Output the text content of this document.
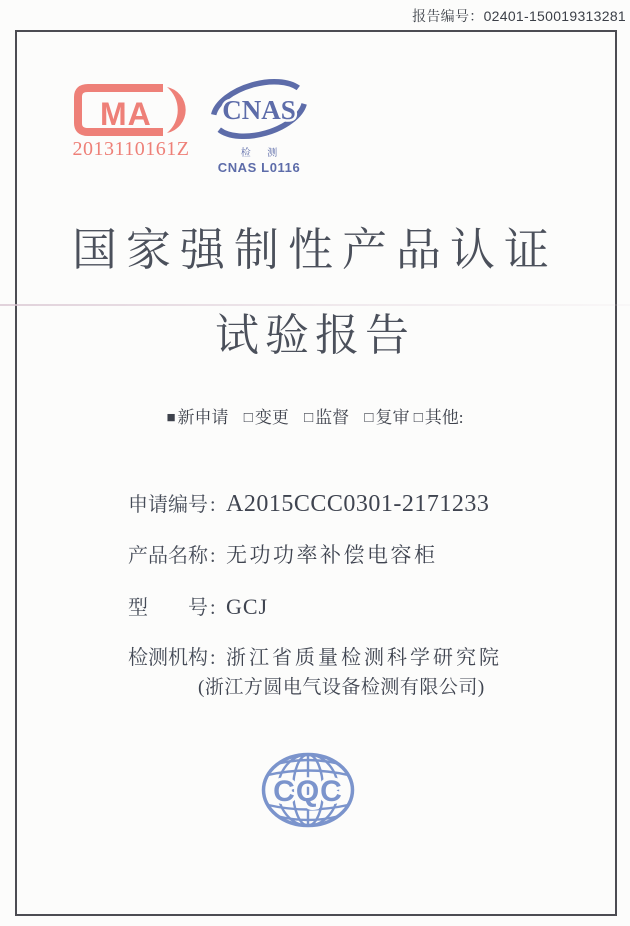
报告编号：02401-150019313281
MA
2013110161Z
CNAS
检 测
CNAS L0116
国家强制性产品认证
试验报告
■ 新申请 □ 变更 □ 监督 □ 复审 □ 其他:
申请编号 : A2015CCC0301-2171233
产品名称 : 无功功率补偿电容柜
型号 : GCJ
检测机构 : 浙江省质量检测科学研究院
(浙江方圆电气设备检测有限公司)
CQC
